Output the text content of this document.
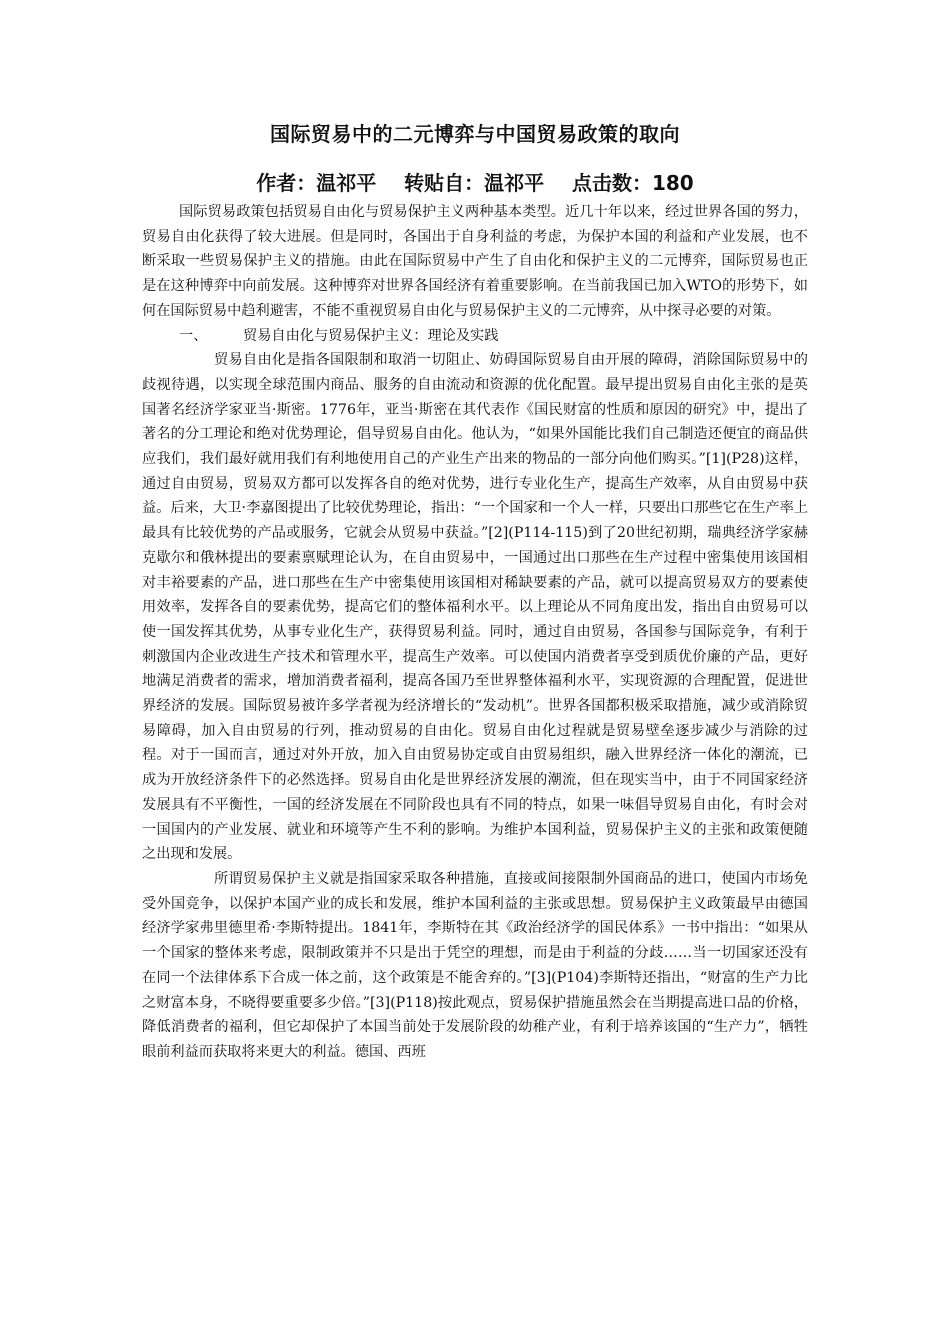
国际贸易中的二元博弈与中国贸易政策的取向
作者：温祁平    转贴自：温祁平    点击数：180

国际贸易政策包括贸易自由化与贸易保护主义两种基本类型。近几十年以来，经过世界各国的努力，贸易自由化获得了较大进展。但是同时，各国出于自身利益的考虑，为保护本国的利益和产业发展，也不断采取一些贸易保护主义的措施。由此在国际贸易中产生了自由化和保护主义的二元博弈，国际贸易也正是在这种博弈中向前发展。这种博弈对世界各国经济有着重要影响。在当前我国已加入WTO的形势下，如何在国际贸易中趋利避害，不能不重视贸易自由化与贸易保护主义的二元博弈，从中探寻必要的对策。

一、	贸易自由化与贸易保护主义：理论及实践

贸易自由化是指各国限制和取消一切阻止、妨碍国际贸易自由开展的障碍，消除国际贸易中的歧视待遇，以实现全球范围内商品、服务的自由流动和资源的优化配置。最早提出贸易自由化主张的是英国著名经济学家亚当·斯密。1776年，亚当·斯密在其代表作《国民财富的性质和原因的研究》中，提出了著名的分工理论和绝对优势理论，倡导贸易自由化。他认为，“如果外国能比我们自己制造还便宜的商品供应我们，我们最好就用我们有利地使用自己的产业生产出来的物品的一部分向他们购买。”[1](P28)这样，通过自由贸易，贸易双方都可以发挥各自的绝对优势，进行专业化生产，提高生产效率，从自由贸易中获益。后来，大卫·李嘉图提出了比较优势理论，指出：“一个国家和一个人一样，只要出口那些它在生产率上最具有比较优势的产品或服务，它就会从贸易中获益。”[2](P114-115)到了20世纪初期，瑞典经济学家赫克歇尔和俄林提出的要素禀赋理论认为，在自由贸易中，一国通过出口那些在生产过程中密集使用该国相对丰裕要素的产品，进口那些在生产中密集使用该国相对稀缺要素的产品，就可以提高贸易双方的要素使用效率，发挥各自的要素优势，提高它们的整体福利水平。以上理论从不同角度出发，指出自由贸易可以使一国发挥其优势，从事专业化生产，获得贸易利益。同时，通过自由贸易，各国参与国际竞争，有利于刺激国内企业改进生产技术和管理水平，提高生产效率。可以使国内消费者享受到质优价廉的产品，更好地满足消费者的需求，增加消费者福利，提高各国乃至世界整体福利水平，实现资源的合理配置，促进世界经济的发展。国际贸易被许多学者视为经济增长的“发动机”。世界各国都积极采取措施，减少或消除贸易障碍，加入自由贸易的行列，推动贸易的自由化。贸易自由化过程就是贸易壁垒逐步减少与消除的过程。对于一国而言，通过对外开放，加入自由贸易协定或自由贸易组织，融入世界经济一体化的潮流，已成为开放经济条件下的必然选择。贸易自由化是世界经济发展的潮流，但在现实当中，由于不同国家经济发展具有不平衡性，一国的经济发展在不同阶段也具有不同的特点，如果一味倡导贸易自由化，有时会对一国国内的产业发展、就业和环境等产生不利的影响。为维护本国利益，贸易保护主义的主张和政策便随之出现和发展。

所谓贸易保护主义就是指国家采取各种措施，直接或间接限制外国商品的进口，使国内市场免受外国竞争，以保护本国产业的成长和发展，维护本国利益的主张或思想。贸易保护主义政策最早由德国经济学家弗里德里希·李斯特提出。1841年，李斯特在其《政治经济学的国民体系》一书中指出：“如果从一个国家的整体来考虑，限制政策并不只是出于凭空的理想，而是由于利益的分歧……当一切国家还没有在同一个法律体系下合成一体之前，这个政策是不能舍弃的。”[3](P104)李斯特还指出，“财富的生产力比之财富本身，不晓得要重要多少倍。”[3](P118)按此观点，贸易保护措施虽然会在当期提高进口品的价格，降低消费者的福利，但它却保护了本国当前处于发展阶段的幼稚产业，有利于培养该国的“生产力”，牺牲眼前利益而获取将来更大的利益。德国、西班
